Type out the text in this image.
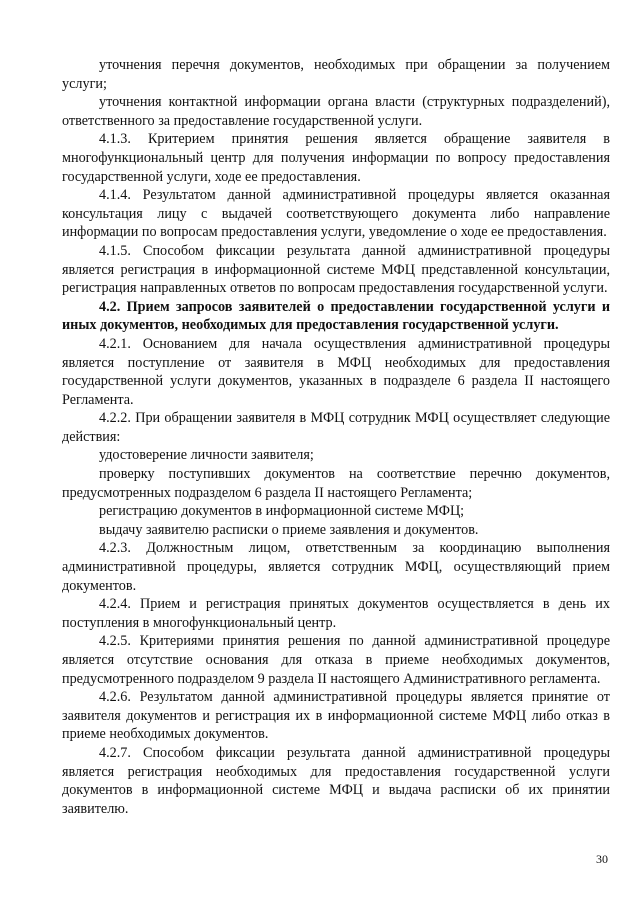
уточнения перечня документов, необходимых при обращении за получением услуги;

уточнения контактной информации органа власти (структурных подразделений), ответственного за предоставление государственной услуги.

4.1.3. Критерием принятия решения является обращение заявителя в многофункциональный центр для получения информации по вопросу предоставления государственной услуги, ходе ее предоставления.

4.1.4. Результатом данной административной процедуры является оказанная консультация лицу с выдачей соответствующего документа либо направление информации по вопросам предоставления услуги, уведомление о ходе ее предоставления.

4.1.5. Способом фиксации результата данной административной процедуры является регистрация в информационной системе МФЦ представленной консультации, регистрация направленных ответов по вопросам предоставления государственной услуги.

4.2. Прием запросов заявителей о предоставлении государственной услуги и иных документов, необходимых для предоставления государственной услуги.

4.2.1. Основанием для начала осуществления административной процедуры является поступление от заявителя в МФЦ необходимых для предоставления государственной услуги документов, указанных в подразделе 6 раздела II настоящего Регламента.

4.2.2. При обращении заявителя в МФЦ сотрудник МФЦ осуществляет следующие действия:

удостоверение личности заявителя;

проверку поступивших документов на соответствие перечню документов, предусмотренных подразделом 6 раздела II настоящего Регламента;

регистрацию документов в информационной системе МФЦ;

выдачу заявителю расписки о приеме заявления и документов.

4.2.3. Должностным лицом, ответственным за координацию выполнения административной процедуры, является сотрудник МФЦ, осуществляющий прием документов.

4.2.4. Прием и регистрация принятых документов осуществляется в день их поступления в многофункциональный центр.

4.2.5. Критериями принятия решения по данной административной процедуре является отсутствие основания для отказа в приеме необходимых документов, предусмотренного подразделом 9 раздела II настоящего Административного регламента.

4.2.6. Результатом данной административной процедуры является принятие от заявителя документов и регистрация их в информационной системе МФЦ либо отказ в приеме необходимых документов.

4.2.7. Способом фиксации результата данной административной процедуры является регистрация необходимых для предоставления государственной услуги документов в информационной системе МФЦ и выдача расписки об их принятии заявителю.

30
